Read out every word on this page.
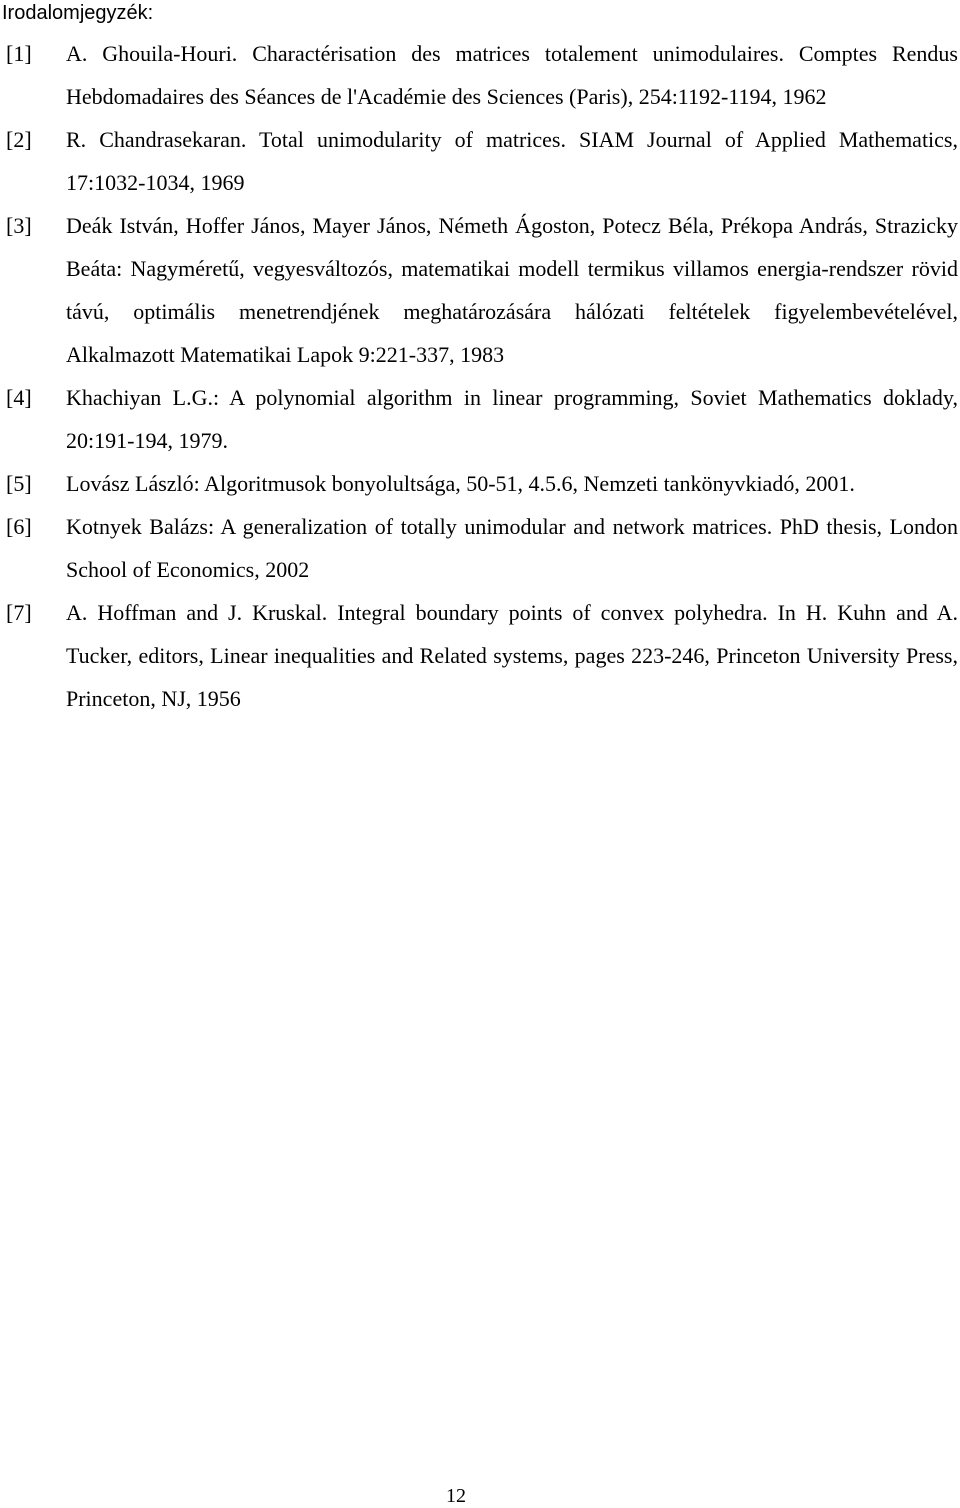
Irodalomjegyzék:
[1] A. Ghouila-Houri. Charactérisation des matrices totalement unimodulaires. Comptes Rendus Hebdomadaires des Séances de l'Académie des Sciences (Paris), 254:1192-1194, 1962
[2] R. Chandrasekaran. Total unimodularity of matrices. SIAM Journal of Applied Mathematics, 17:1032-1034, 1969
[3] Deák István, Hoffer János, Mayer János, Németh Ágoston, Potecz Béla, Prékopa András, Strazicky Beáta: Nagyméretű, vegyesváltozós, matematikai modell termikus villamos energia-rendszer rövid távú, optimális menetrendjének meghatározására hálózati feltételek figyelembevételével, Alkalmazott Matematikai Lapok 9:221-337, 1983
[4] Khachiyan L.G.: A polynomial algorithm in linear programming, Soviet Mathematics doklady, 20:191-194, 1979.
[5] Lovász László: Algoritmusok bonyolultsága, 50-51, 4.5.6, Nemzeti tankönyvkiadó, 2001.
[6] Kotnyek Balázs: A generalization of totally unimodular and network matrices. PhD thesis, London School of Economics, 2002
[7] A. Hoffman and J. Kruskal. Integral boundary points of convex polyhedra. In H. Kuhn and A. Tucker, editors, Linear inequalities and Related systems, pages 223-246, Princeton University Press, Princeton, NJ, 1956
12
